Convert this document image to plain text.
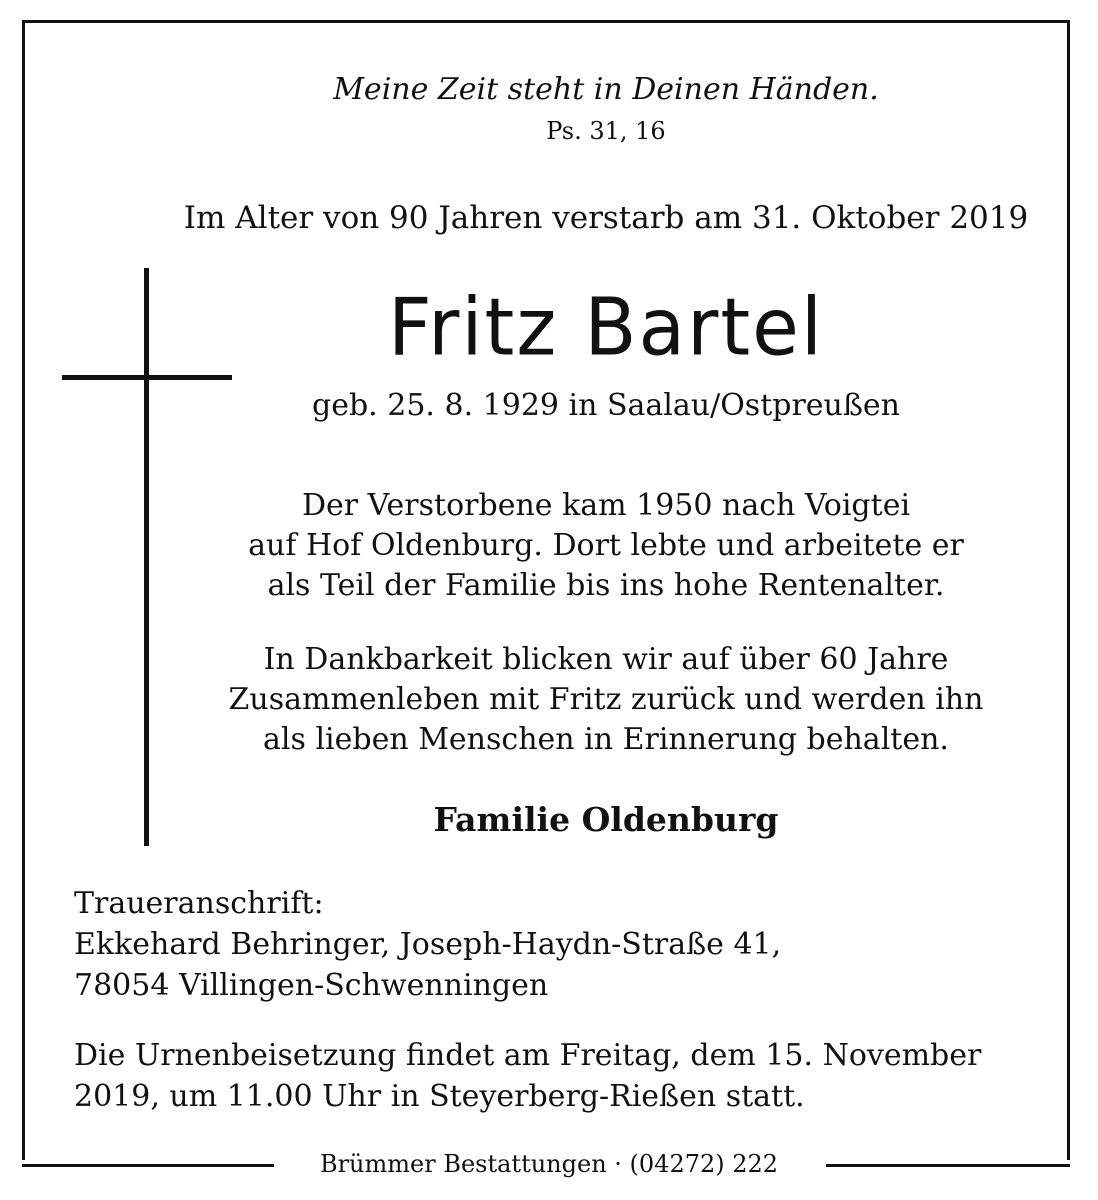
Meine Zeit steht in Deinen Händen.
Ps. 31, 16
Im Alter von 90 Jahren verstarb am 31. Oktober 2019
Fritz Bartel
geb. 25. 8. 1929 in Saalau/Ostpreußen
Der Verstorbene kam 1950 nach Voigtei
auf Hof Oldenburg. Dort lebte und arbeitete er
als Teil der Familie bis ins hohe Rentenalter.
In Dankbarkeit blicken wir auf über 60 Jahre
Zusammenleben mit Fritz zurück und werden ihn
als lieben Menschen in Erinnerung behalten.
Familie Oldenburg
Traueranschrift:
Ekkehard Behringer, Joseph-Haydn-Straße 41,
78054 Villingen-Schwenningen
Die Urnenbeisetzung findet am Freitag, dem 15. November
2019, um 11.00 Uhr in Steyerberg-Rießen statt.
Brümmer Bestattungen · (04272) 222
